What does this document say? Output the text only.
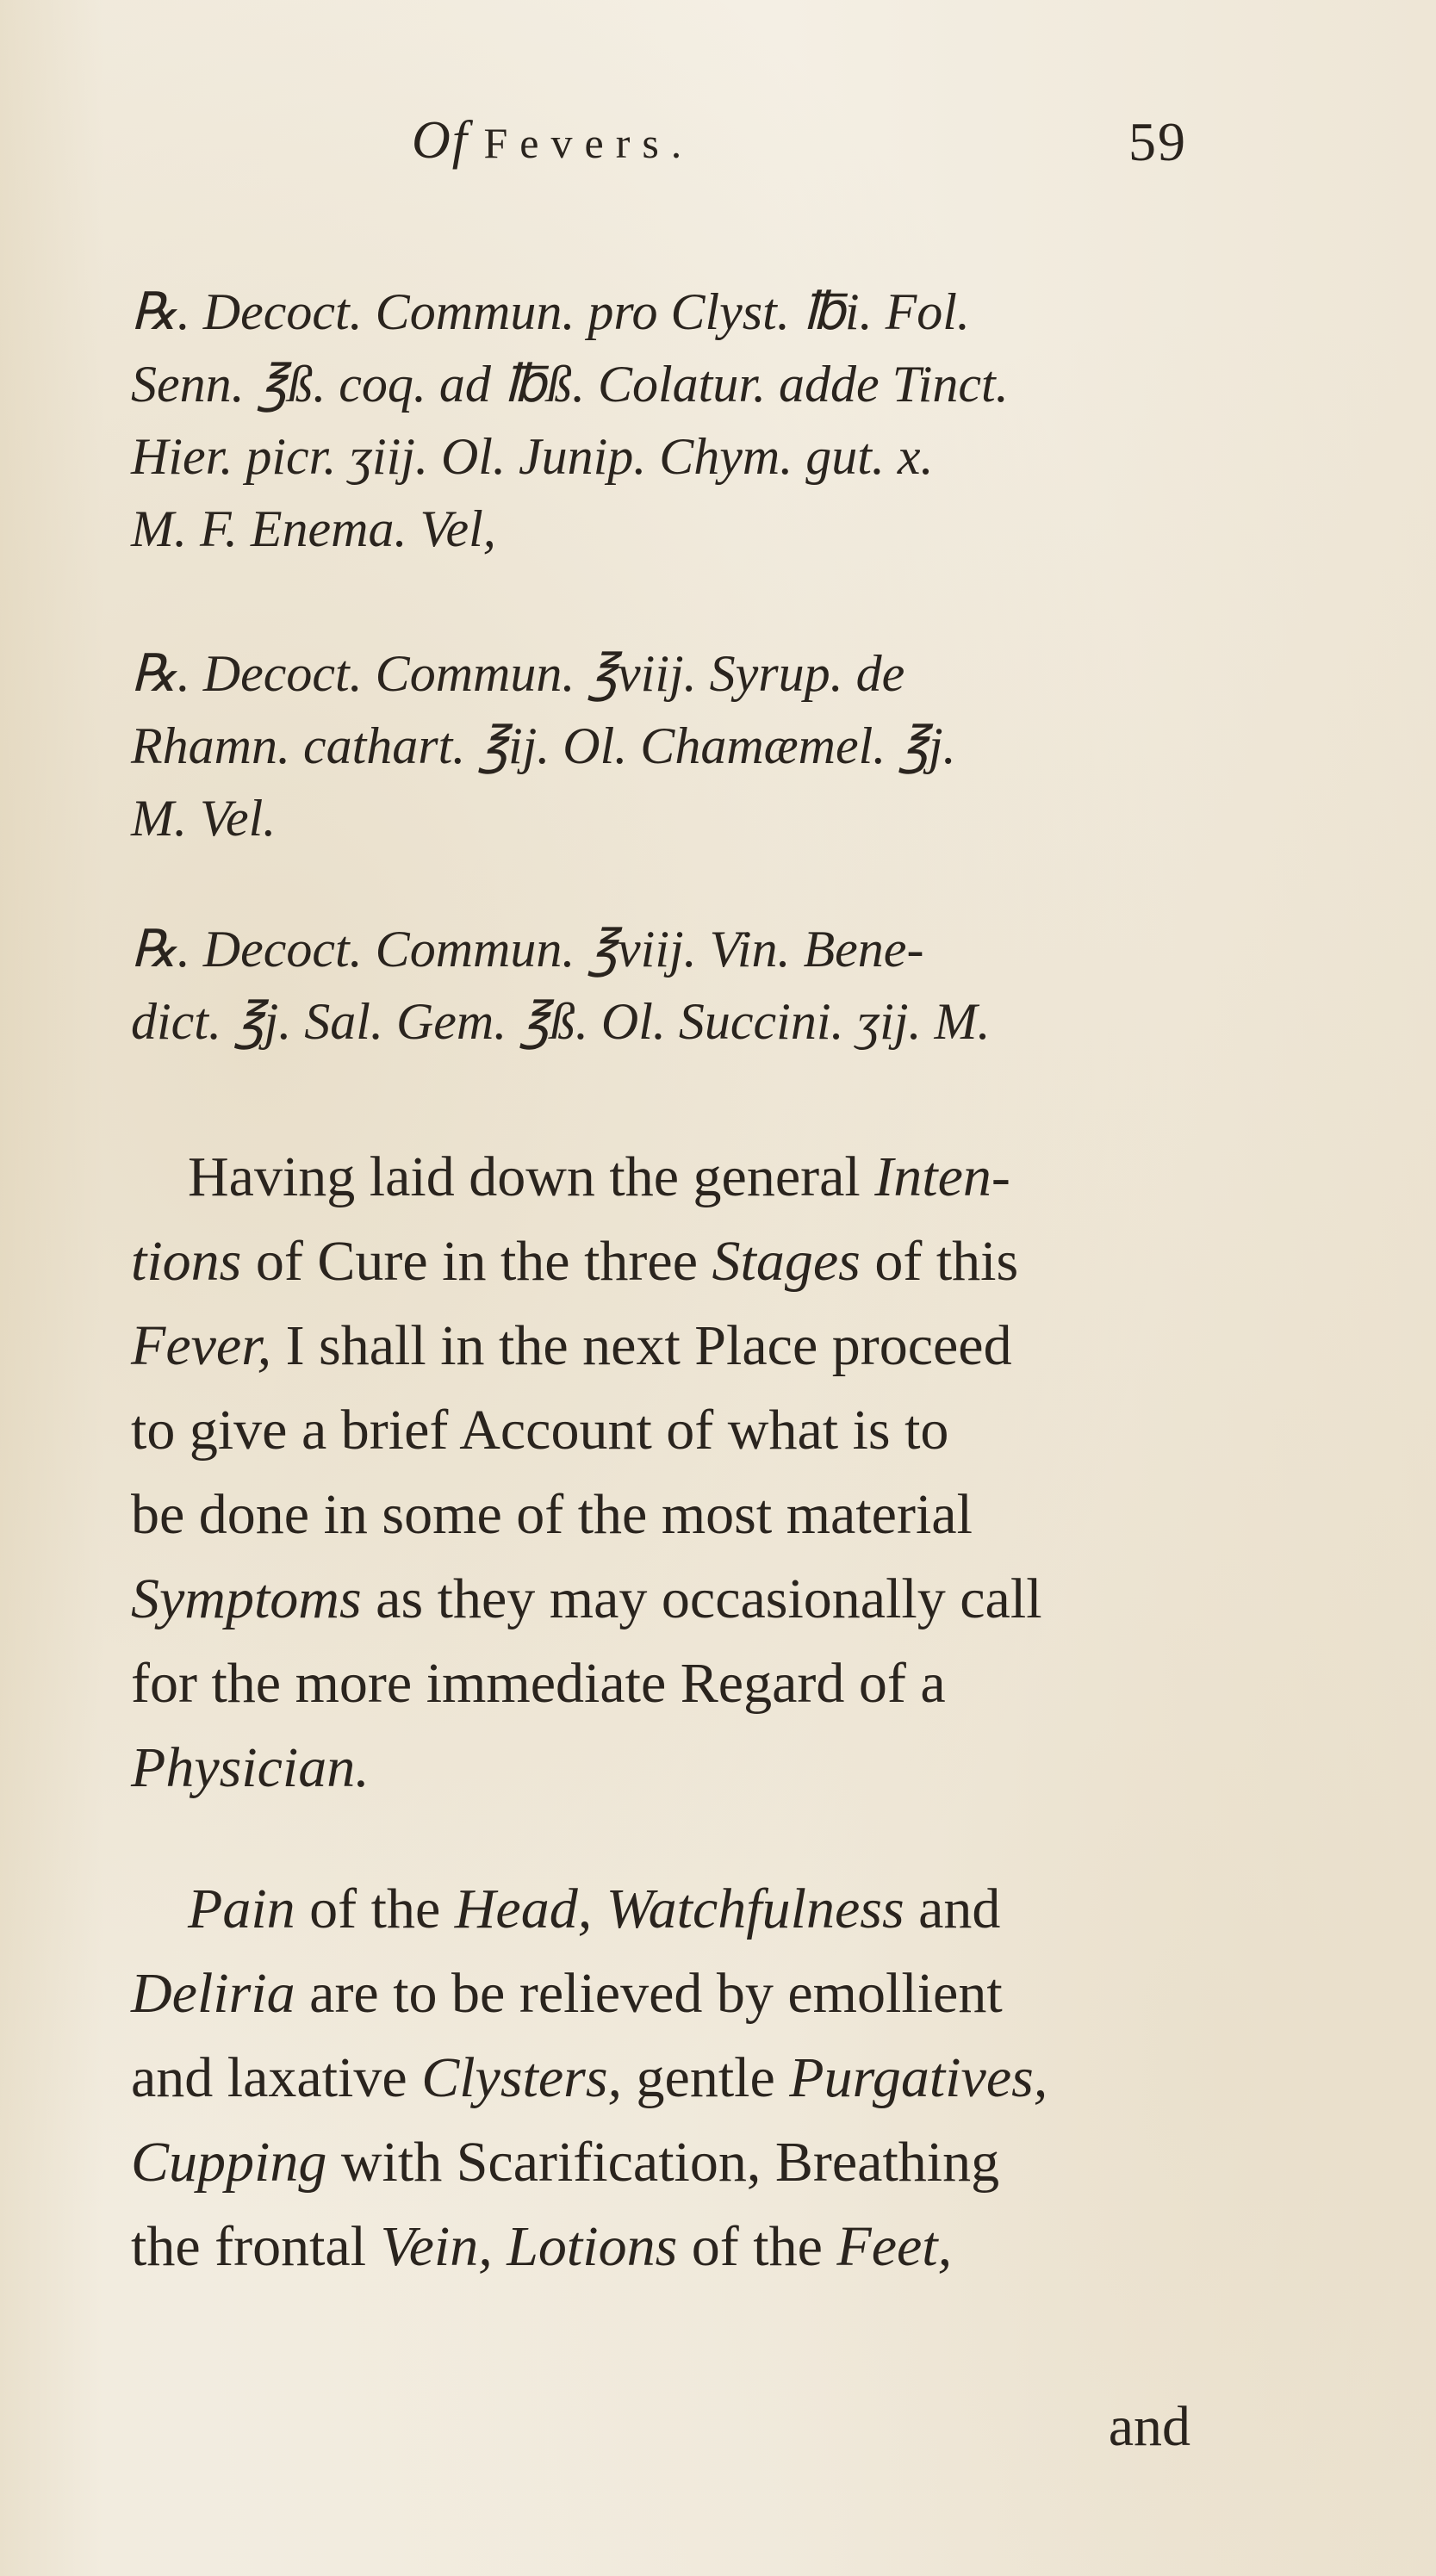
Of Fevers.	59
℞. Decoct. Commun. pro Clyst. ℔i. Fol.
Senn. ℥ß. coq. ad ℔ß. Colatur. adde Tinct.
Hier. picr. ʒiij. Ol. Junip. Chym. gut. x.
M. F. Enema. Vel,
℞. Decoct. Commun. ℥viij. Syrup. de
Rhamn. cathart. ℥ij. Ol. Chamæmel. ℥j.
M. Vel.
℞. Decoct. Commun. ℥viij. Vin. Bene-
dict. ℥j. Sal. Gem. ℥ß. Ol. Succini. ʒij. M.
 Having laid down the general Inten-
tions of Cure in the three Stages of this
Fever, I shall in the next Place proceed
to give a brief Account of what is to
be done in some of the most material
Symptoms as they may occasionally call
for the more immediate Regard of a
Physician.
 Pain of the Head, Watchfulness and
Deliria are to be relieved by emollient
and laxative Clysters, gentle Purgatives,
Cupping with Scarification, Breathing
the frontal Vein, Lotions of the Feet,
and
